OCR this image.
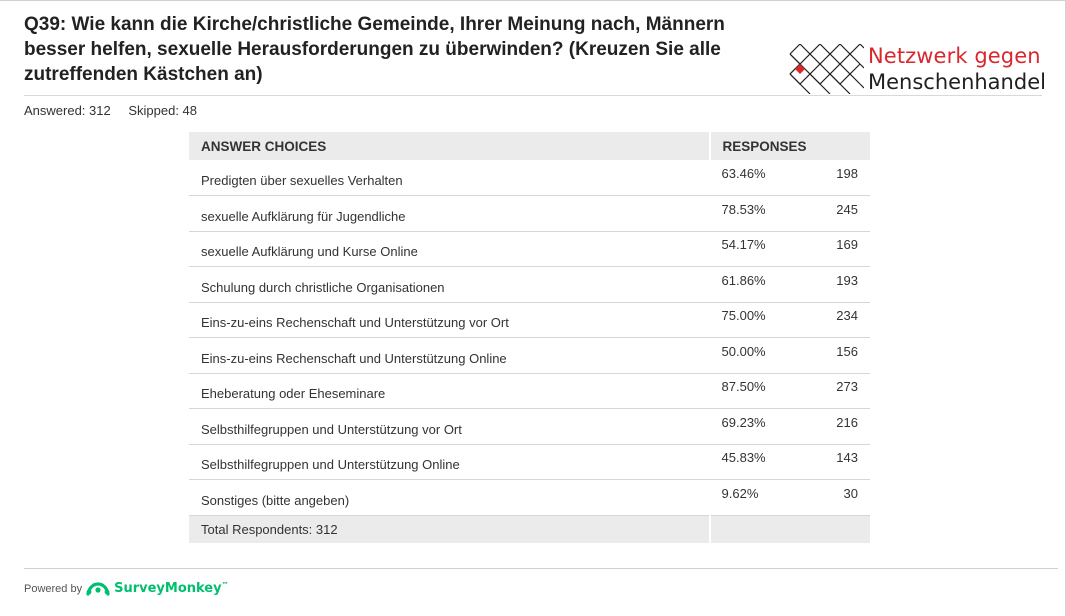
Q39: Wie kann die Kirche/christliche Gemeinde, Ihrer Meinung nach, Männern besser helfen, sexuelle Herausforderungen zu überwinden? (Kreuzen Sie alle zutreffenden Kästchen an)
Netzwerk gegen
Menschenhandel
Answered: 312 Skipped: 48
ANSWER CHOICES	RESPONSES	
Predigten über sexuelles Verhalten	63.46%	198
sexuelle Aufklärung für Jugendliche	78.53%	245
sexuelle Aufklärung und Kurse Online	54.17%	169
Schulung durch christliche Organisationen	61.86%	193
Eins-zu-eins Rechenschaft und Unterstützung vor Ort	75.00%	234
Eins-zu-eins Rechenschaft und Unterstützung Online	50.00%	156
Eheberatung oder Eheseminare	87.50%	273
Selbsthilfegruppen und Unterstützung vor Ort	69.23%	216
Selbsthilfegruppen und Unterstützung Online	45.83%	143
Sonstiges (bitte angeben)	9.62%	30
Total Respondents: 312		
Powered by SurveyMonkey™
